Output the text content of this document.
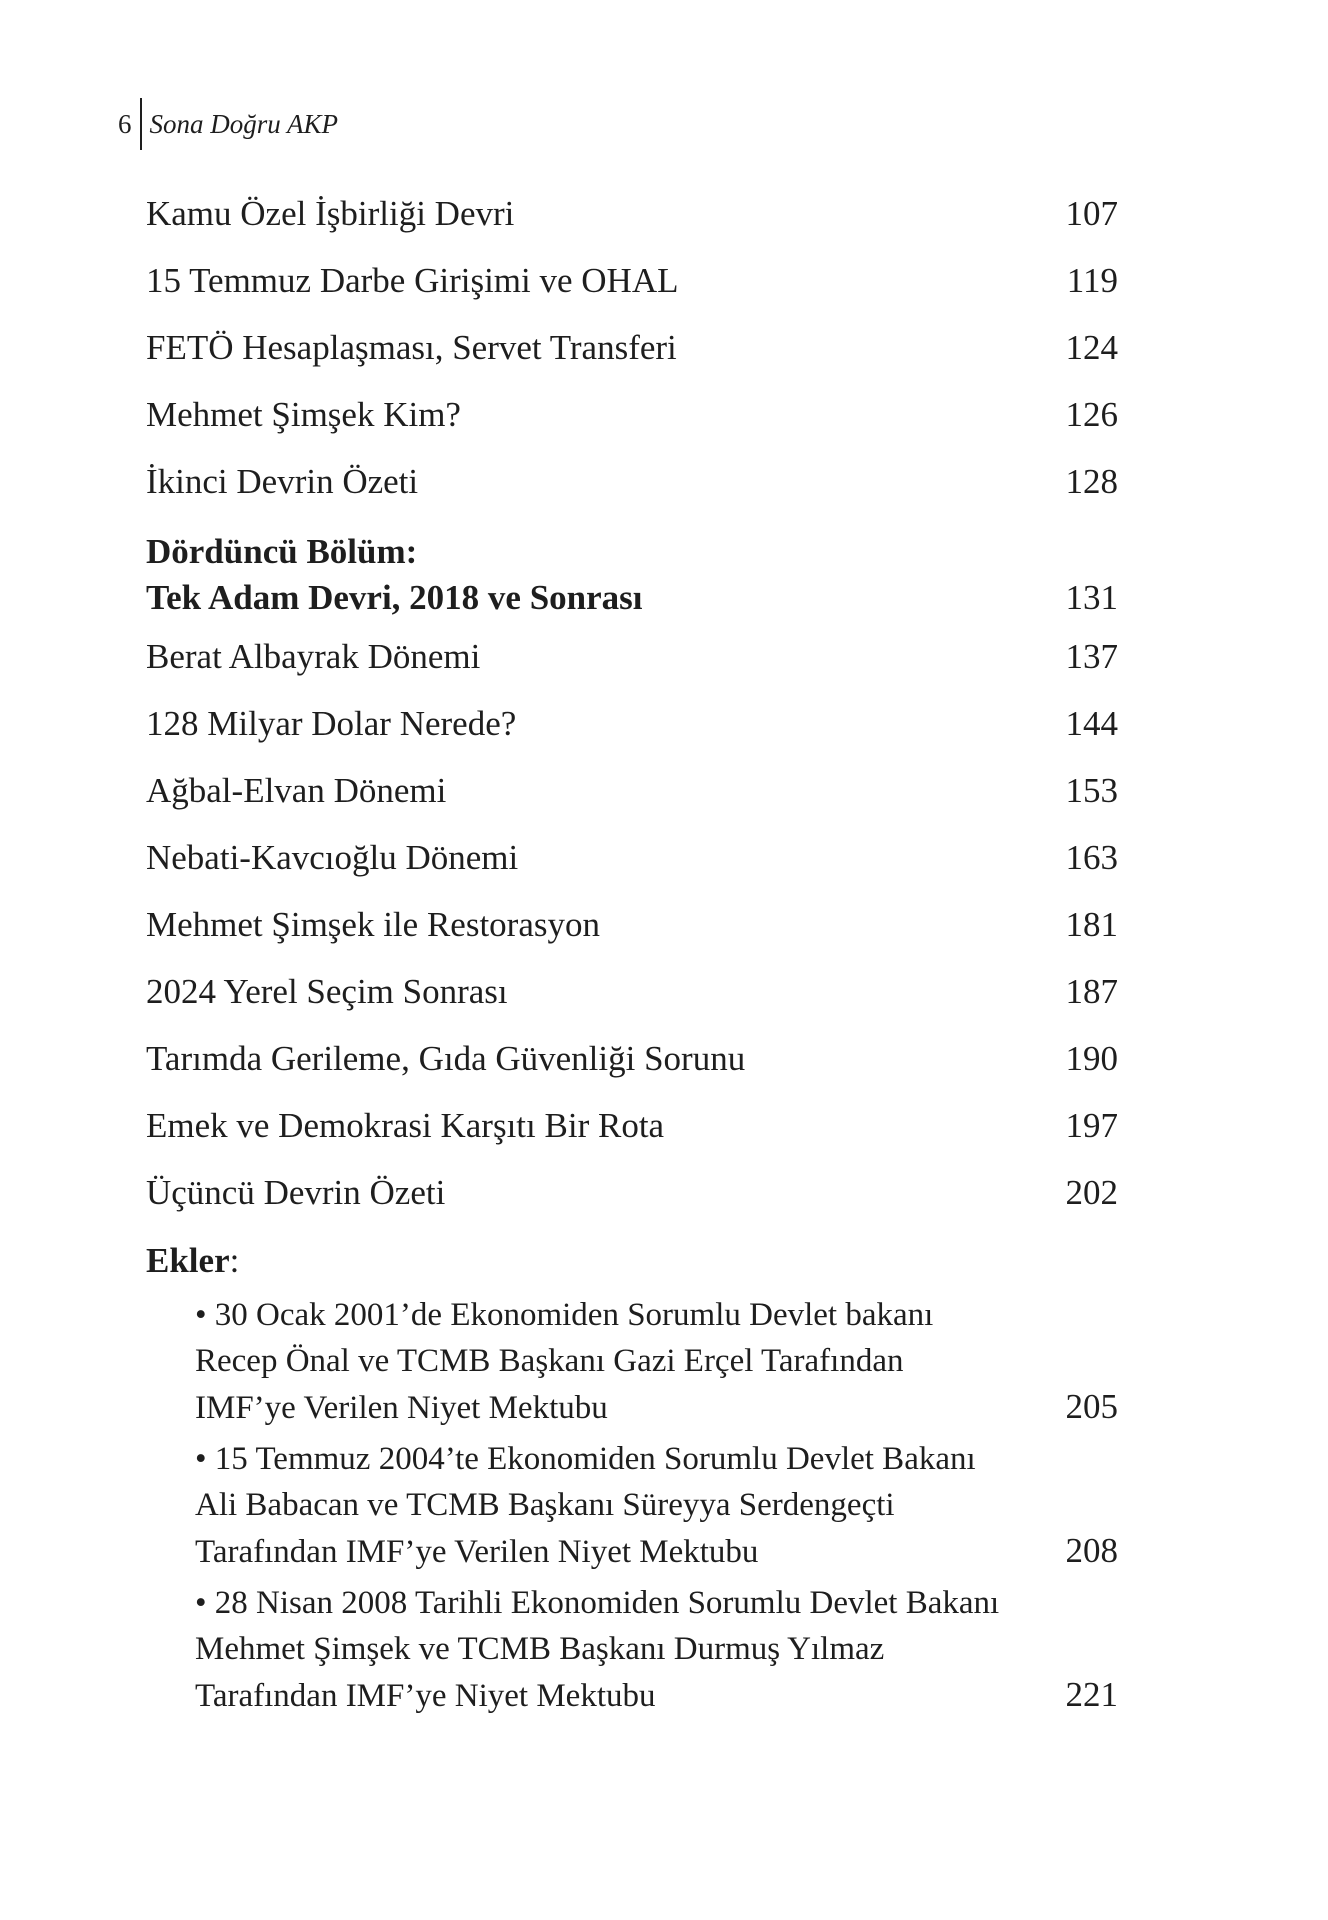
6 Sona Doğru AKP
Kamu Özel İşbirliği Devri	107
15 Temmuz Darbe Girişimi ve OHAL	119
FETÖ Hesaplaşması, Servet Transferi	124
Mehmet Şimşek Kim?	126
İkinci Devrin Özeti	128
Dördüncü Bölüm:
Tek Adam Devri, 2018 ve Sonrası	131
Berat Albayrak Dönemi	137
128 Milyar Dolar Nerede?	144
Ağbal-Elvan Dönemi	153
Nebati-Kavcıoğlu Dönemi	163
Mehmet Şimşek ile Restorasyon	181
2024 Yerel Seçim Sonrası	187
Tarımda Gerileme, Gıda Güvenliği Sorunu	190
Emek ve Demokrasi Karşıtı Bir Rota	197
Üçüncü Devrin Özeti	202
Ekler:
• 30 Ocak 2001’de Ekonomiden Sorumlu Devlet bakanı
Recep Önal ve TCMB Başkanı Gazi Erçel Tarafından
IMF’ye Verilen Niyet Mektubu	205
• 15 Temmuz 2004’te Ekonomiden Sorumlu Devlet Bakanı
Ali Babacan ve TCMB Başkanı Süreyya Serdengeçti
Tarafından IMF’ye Verilen Niyet Mektubu	208
• 28 Nisan 2008 Tarihli Ekonomiden Sorumlu Devlet Bakanı
Mehmet Şimşek ve TCMB Başkanı Durmuş Yılmaz
Tarafından IMF’ye Niyet Mektubu	221
